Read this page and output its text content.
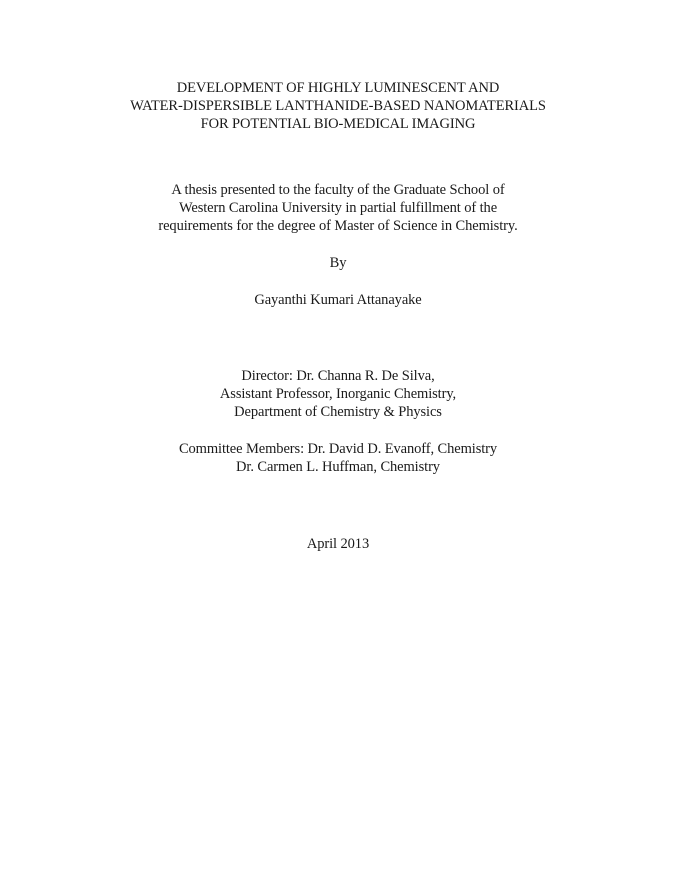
DEVELOPMENT OF HIGHLY LUMINESCENT AND
WATER-DISPERSIBLE LANTHANIDE-BASED NANOMATERIALS
FOR POTENTIAL BIO-MEDICAL IMAGING
A thesis presented to the faculty of the Graduate School of
Western Carolina University in partial fulfillment of the
requirements for the degree of Master of Science in Chemistry.
By
Gayanthi Kumari Attanayake
Director: Dr. Channa R. De Silva,
Assistant Professor, Inorganic Chemistry,
Department of Chemistry & Physics
Committee Members: Dr. David D. Evanoff, Chemistry
Dr. Carmen L. Huffman, Chemistry
April 2013
